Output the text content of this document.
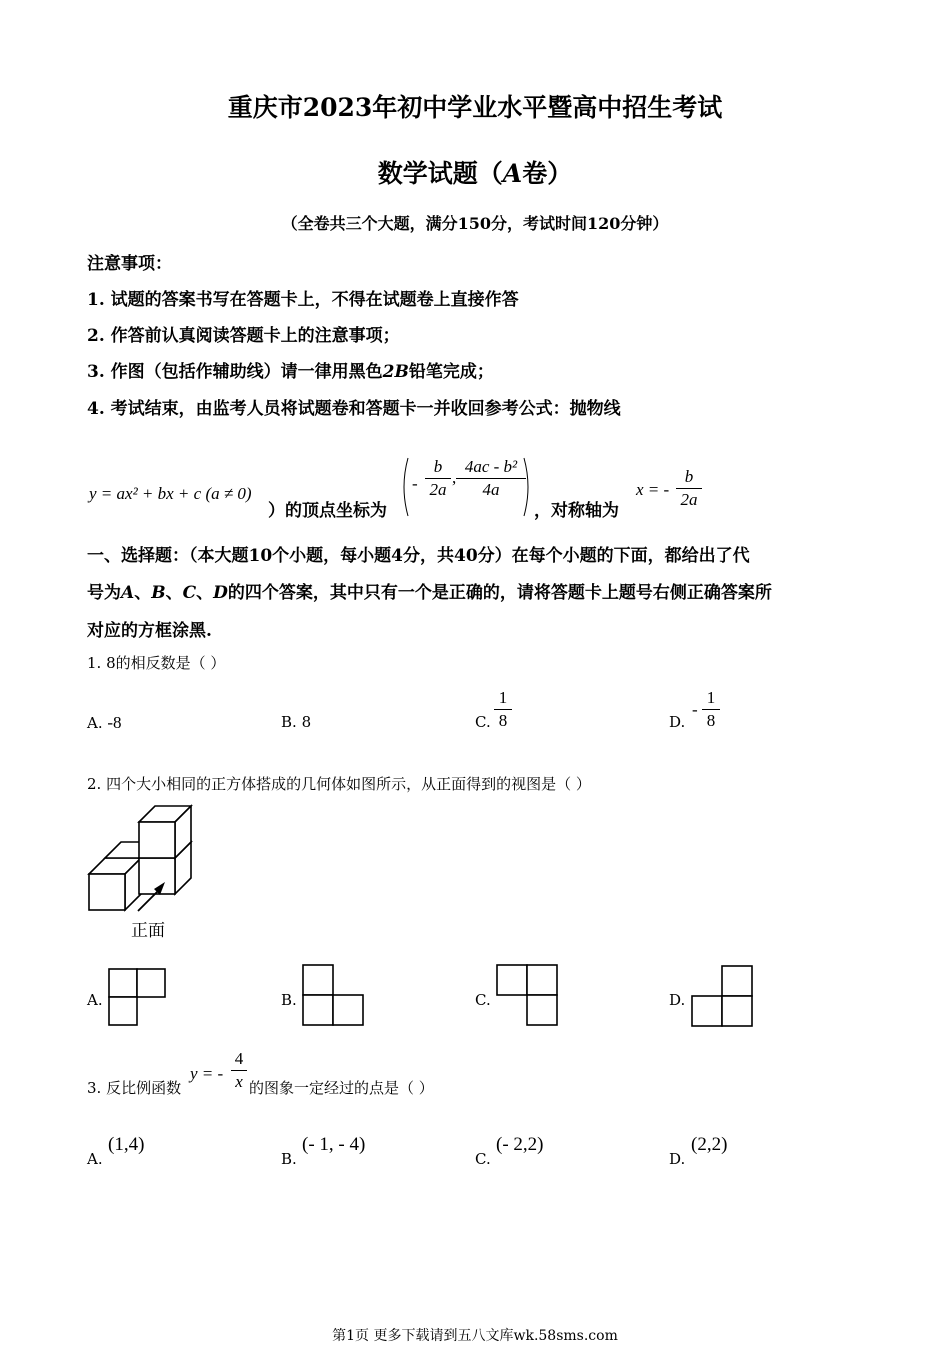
重庆市2023年初中学业水平暨高中招生考试
数学试题（A卷）
（全卷共三个大题，满分150分，考试时间120分钟）
注意事项：
1. 试题的答案书写在答题卡上，不得在试题卷上直接作答
2. 作答前认真阅读答题卡上的注意事项；
3. 作图（包括作辅助线）请一律用黑色2B铅笔完成；
4. 考试结束，由监考人员将试题卷和答题卡一并收回参考公式：抛物线
y = ax² + bx + c (a ≠ 0)
）的顶点坐标为
-
b
2a
,
4ac - b²
4a
，对称轴为
x = -
b
2a
一、选择题：（本大题10个小题，每小题4分，共40分）在每个小题的下面，都给出了代
号为A、B、C、D的四个答案，其中只有一个是正确的，请将答题卡上题号右侧正确答案所
对应的方框涂黑.
1. 8的相反数是（ ）
A. -8	B. 8	C.
1
8	D.
-
1
8
2. 四个大小相同的正方体搭成的几何体如图所示，从正面得到的视图是（ ）
正面
A.	B.	C.	D.
3. 反比例函数
y = -
4
x 的图象一定经过的点是（ ）
A.
(1,4)
B.
(- 1, - 4)
C.
(- 2,2)
D.
(2,2)
第1页 更多下载请到五八文库wk.58sms.com
